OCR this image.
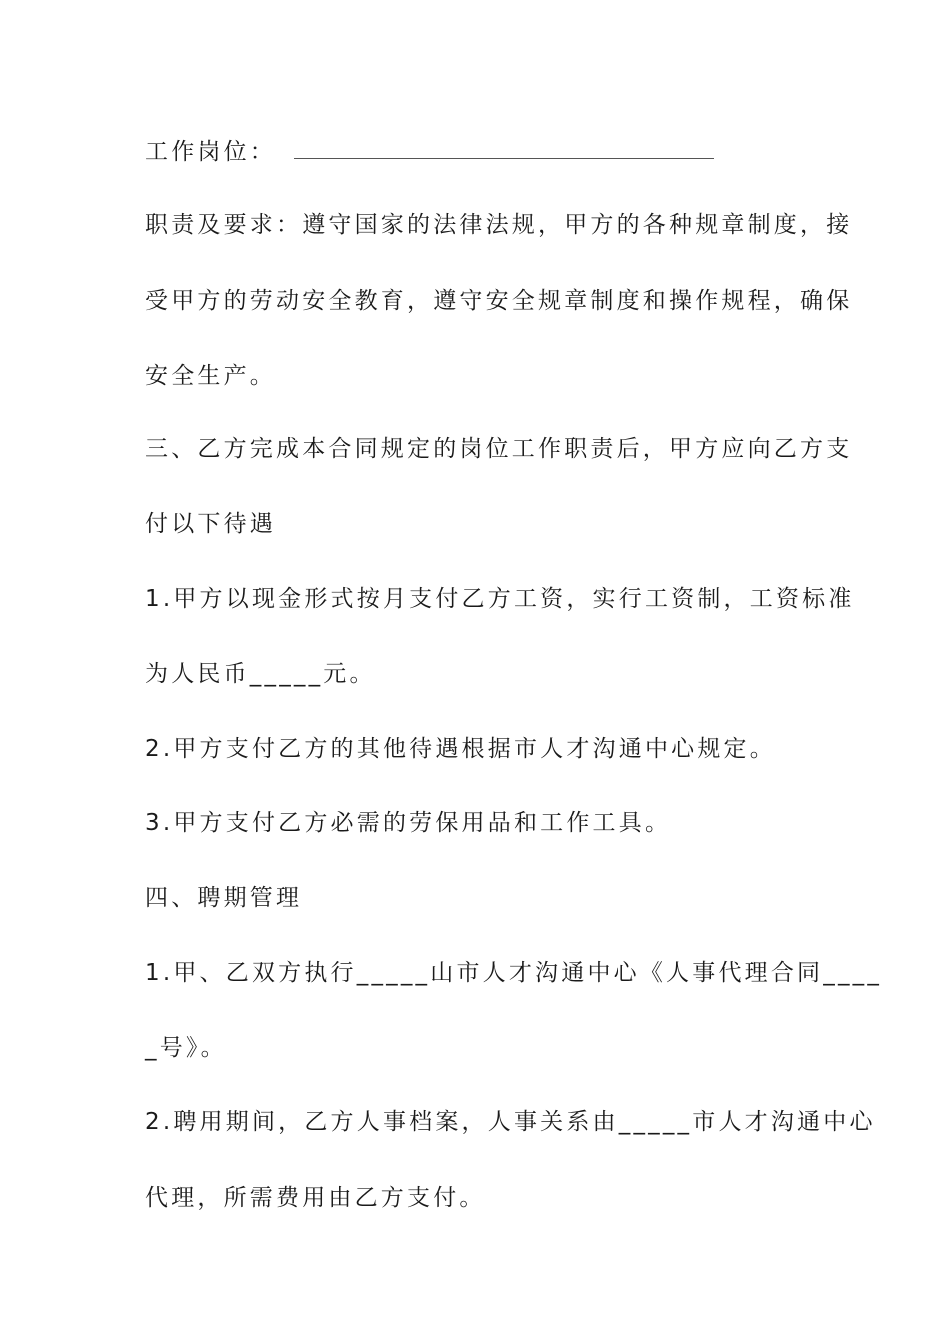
工作岗位：
职责及要求：遵守国家的法律法规，甲方的各种规章制度，接
受甲方的劳动安全教育，遵守安全规章制度和操作规程，确保
安全生产。
三、乙方完成本合同规定的岗位工作职责后，甲方应向乙方支
付以下待遇
1.甲方以现金形式按月支付乙方工资，实行工资制，工资标准
为人民币_____元。
2.甲方支付乙方的其他待遇根据市人才沟通中心规定。
3.甲方支付乙方必需的劳保用品和工作工具。
四、聘期管理
1.甲、乙双方执行_____山市人才沟通中心《人事代理合同____
_号》。
2.聘用期间，乙方人事档案，人事关系由_____市人才沟通中心
代理，所需费用由乙方支付。
